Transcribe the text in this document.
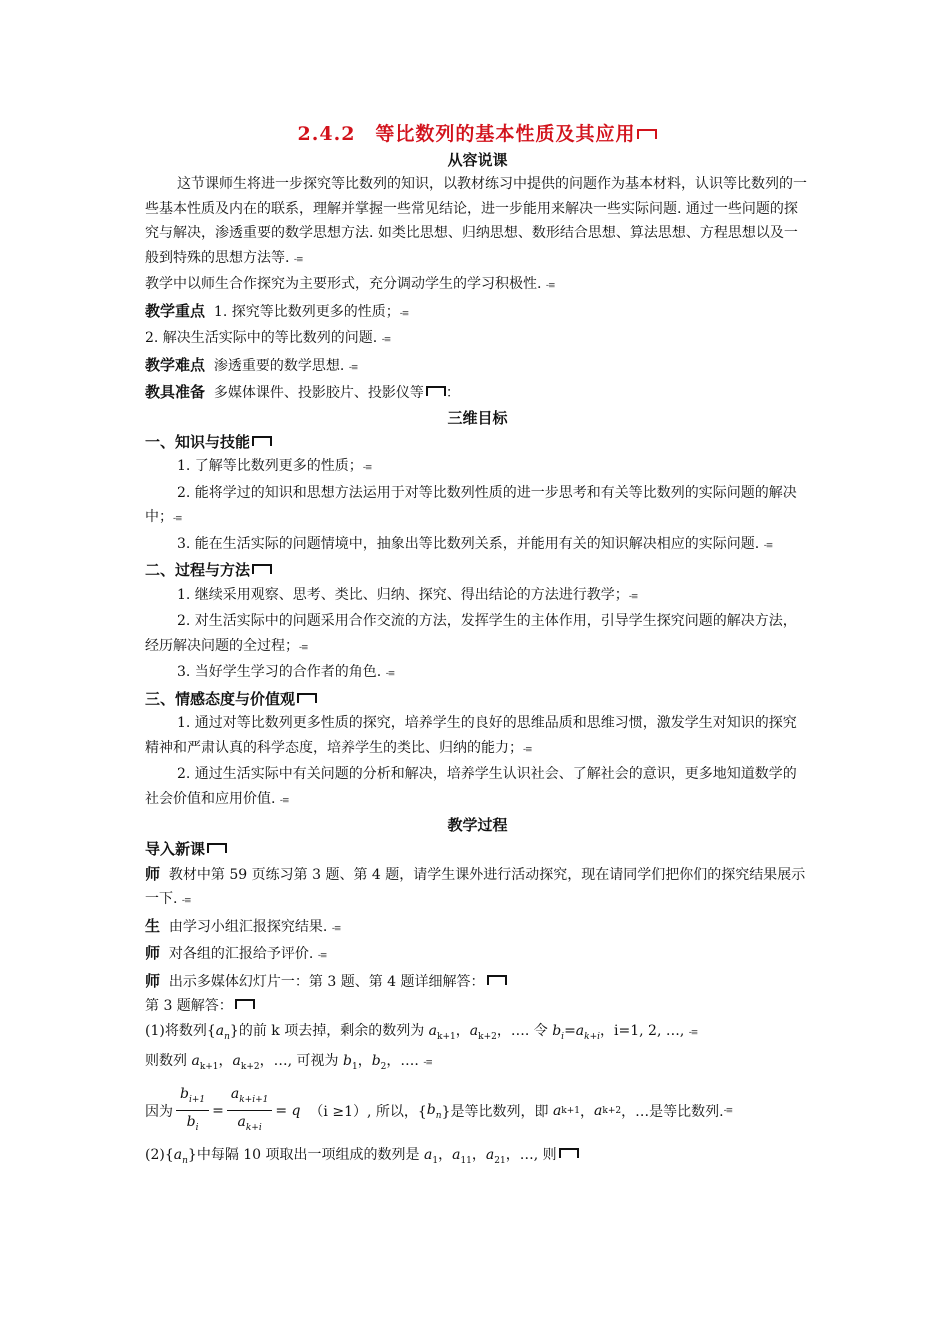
2.4.2　等比数列的基本性质及其应用
从容说课
这节课师生将进一步探究等比数列的知识，以教材练习中提供的问题作为基本材料，认识等比数列的一些基本性质及内在的联系，理解并掌握一些常见结论，进一步能用来解决一些实际问题. 通过一些问题的探究与解决，渗透重要的数学思想方法. 如类比思想、归纳思想、数形结合思想、算法思想、方程思想以及一般到特殊的思想方法等. -≡
教学中以师生合作探究为主要形式，充分调动学生的学习积极性. -≡
教学重点 1. 探究等比数列更多的性质；-≡
2. 解决生活实际中的等比数列的问题. -≡
教学难点 渗透重要的数学思想. -≡
教具准备 多媒体课件、投影胶片、投影仪等 ：
三维目标
一、知识与技能
1. 了解等比数列更多的性质；-≡
2. 能将学过的知识和思想方法运用于对等比数列性质的进一步思考和有关等比数列的实际问题的解决中；-≡
3. 能在生活实际的问题情境中，抽象出等比数列关系，并能用有关的知识解决相应的实际问题. -≡
二、过程与方法
1. 继续采用观察、思考、类比、归纳、探究、得出结论的方法进行教学；-≡
2. 对生活实际中的问题采用合作交流的方法，发挥学生的主体作用，引导学生探究问题的解决方法，经历解决问题的全过程；-≡
3. 当好学生学习的合作者的角色. -≡
三、情感态度与价值观
1. 通过对等比数列更多性质的探究，培养学生的良好的思维品质和思维习惯，激发学生对知识的探究精神和严肃认真的科学态度，培养学生的类比、归纳的能力；-≡
2. 通过生活实际中有关问题的分析和解决，培养学生认识社会、了解社会的意识，更多地知道数学的社会价值和应用价值. -≡
教学过程
导入新课
师 教材中第 59 页练习第 3 题、第 4 题，请学生课外进行活动探究，现在请同学们把你们的探究结果展示一下. -≡
生 由学习小组汇报探究结果. -≡
师 对各组的汇报给予评价. -≡
师 出示多媒体幻灯片一：第 3 题、第 4 题详细解答：
第 3 题解答：
(1)将数列$\{a_n\}$的前 k 项去掉，剩余的数列为 $a_{k+1}$，$a_{k+2}$，…. 令 $b_i=a_{k+i}$，i=1, 2, …, -≡
则数列 $a_{k+1}$，$a_{k+2}$，…, 可视为 $b_1$，$b_2$，…. -≡
因为 $\frac{b_{i+1}}{b_i} = \frac{a_{k+i+1}}{a_{k+i}} = q$
（i ≥1）, 所以，{ $b_n$ }是等比数列，即
a k+1 ， a k+2 ， …是等比数列. -≡
$(2)\{a_n\}$中每隔 10 项取出一项组成的数列是 $a_1$，$a_{11}$，$a_{21}$，…, 则
